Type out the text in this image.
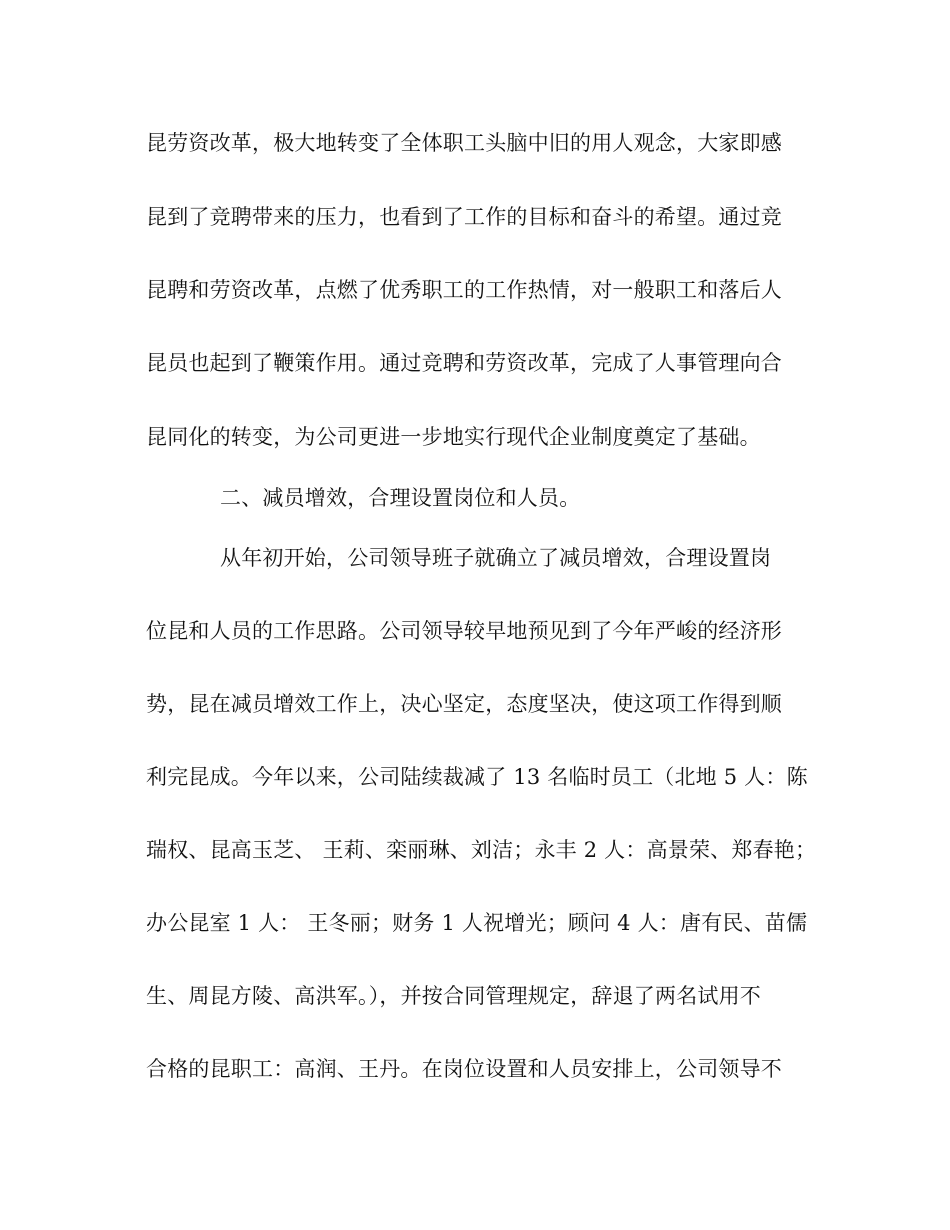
昆劳资改革，极大地转变了全体职工头脑中旧的用人观念，大家即感
昆到了竞聘带来的压力，也看到了工作的目标和奋斗的希望。通过竞
昆聘和劳资改革，点燃了优秀职工的工作热情，对一般职工和落后人
昆员也起到了鞭策作用。通过竞聘和劳资改革，完成了人事管理向合
昆同化的转变，为公司更进一步地实行现代企业制度奠定了基础。
二、减员增效，合理设置岗位和人员。
从年初开始，公司领导班子就确立了减员增效，合理设置岗
位昆和人员的工作思路。公司领导较早地预见到了今年严峻的经济形
势，昆在减员增效工作上，决心坚定，态度坚决，使这项工作得到顺
利完昆成。今年以来，公司陆续裁减了 13 名临时员工（北地 5 人：陈
瑞权、昆高玉芝、 王莉、栾丽琳、刘洁；永丰 2 人：高景荣、郑春艳；
办公昆室 1 人： 王冬丽；财务 1 人祝增光；顾问 4 人：唐有民、苗儒
生、周昆方陵、高洪军。），并按合同管理规定，辞退了两名试用不
合格的昆职工：高润、王丹。在岗位设置和人员安排上，公司领导不
